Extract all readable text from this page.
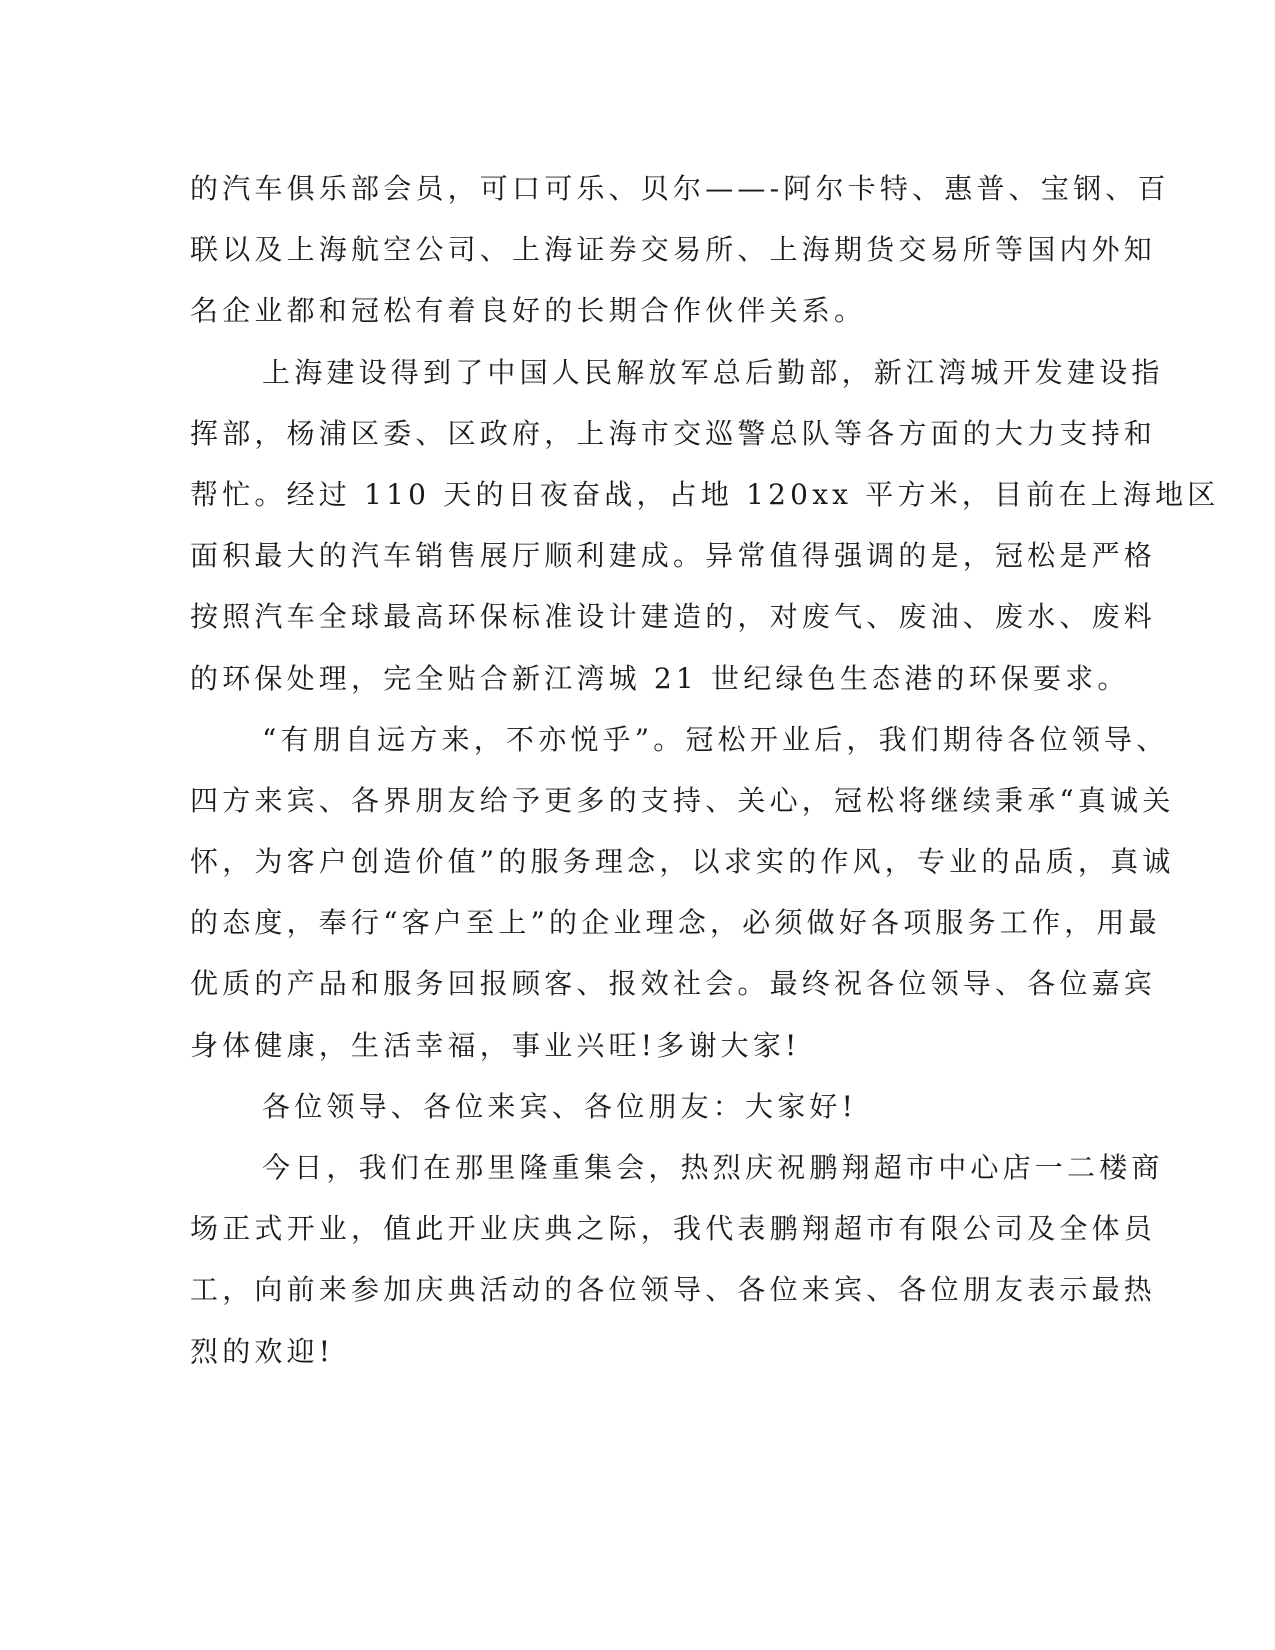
的汽车俱乐部会员，可口可乐、贝尔——-阿尔卡特、惠普、宝钢、百
联以及上海航空公司、上海证券交易所、上海期货交易所等国内外知
名企业都和冠松有着良好的长期合作伙伴关系。
上海建设得到了中国人民解放军总后勤部，新江湾城开发建设指
挥部，杨浦区委、区政府，上海市交巡警总队等各方面的大力支持和
帮忙。经过 110 天的日夜奋战，占地 120xx 平方米，目前在上海地区
面积最大的汽车销售展厅顺利建成。异常值得强调的是，冠松是严格
按照汽车全球最高环保标准设计建造的，对废气、废油、废水、废料
的环保处理，完全贴合新江湾城 21 世纪绿色生态港的环保要求。
“有朋自远方来，不亦悦乎”。冠松开业后，我们期待各位领导、
四方来宾、各界朋友给予更多的支持、关心，冠松将继续秉承“真诚关
怀，为客户创造价值”的服务理念，以求实的作风，专业的品质，真诚
的态度，奉行“客户至上”的企业理念，必须做好各项服务工作，用最
优质的产品和服务回报顾客、报效社会。最终祝各位领导、各位嘉宾
身体健康，生活幸福，事业兴旺!多谢大家!
各位领导、各位来宾、各位朋友：大家好!
今日，我们在那里隆重集会，热烈庆祝鹏翔超市中心店一二楼商
场正式开业，值此开业庆典之际，我代表鹏翔超市有限公司及全体员
工，向前来参加庆典活动的各位领导、各位来宾、各位朋友表示最热
烈的欢迎!
